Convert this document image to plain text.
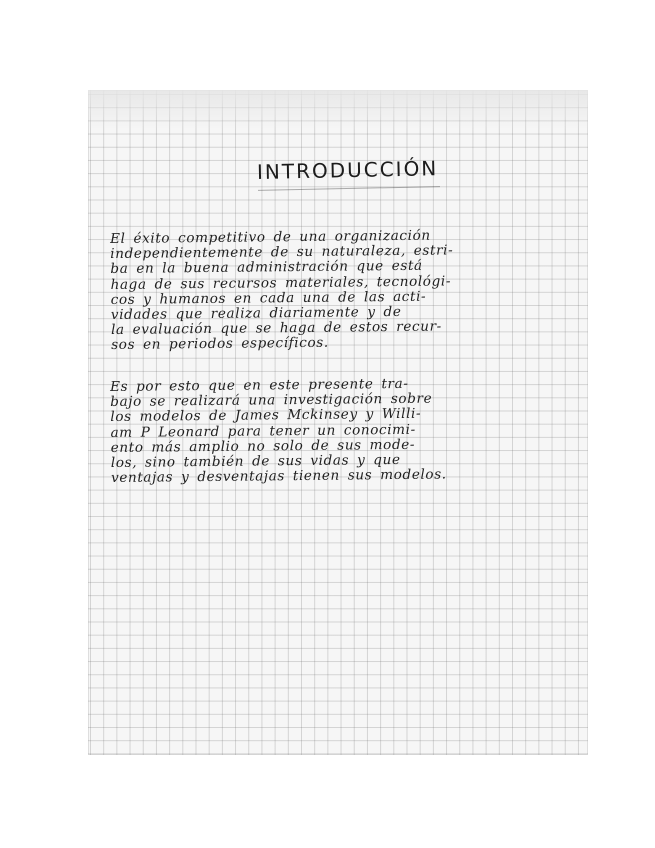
INTRODUCCIÓN
El éxito competitivo de una organización
independientemente de su naturaleza, estri-
ba en la buena administración que está
haga de sus recursos materiales, tecnológi-
cos y humanos en cada una de las acti-
vidades que realiza diariamente y de
la evaluación que se haga de estos recur-
sos en periodos específicos.
Es por esto que en este presente tra-
bajo se realizará una investigación sobre
los modelos de James Mckinsey y Willi-
am P Leonard para tener un conocimi-
ento más amplio no solo de sus mode-
los, sino también de sus vidas y que
ventajas y desventajas tienen sus modelos.
